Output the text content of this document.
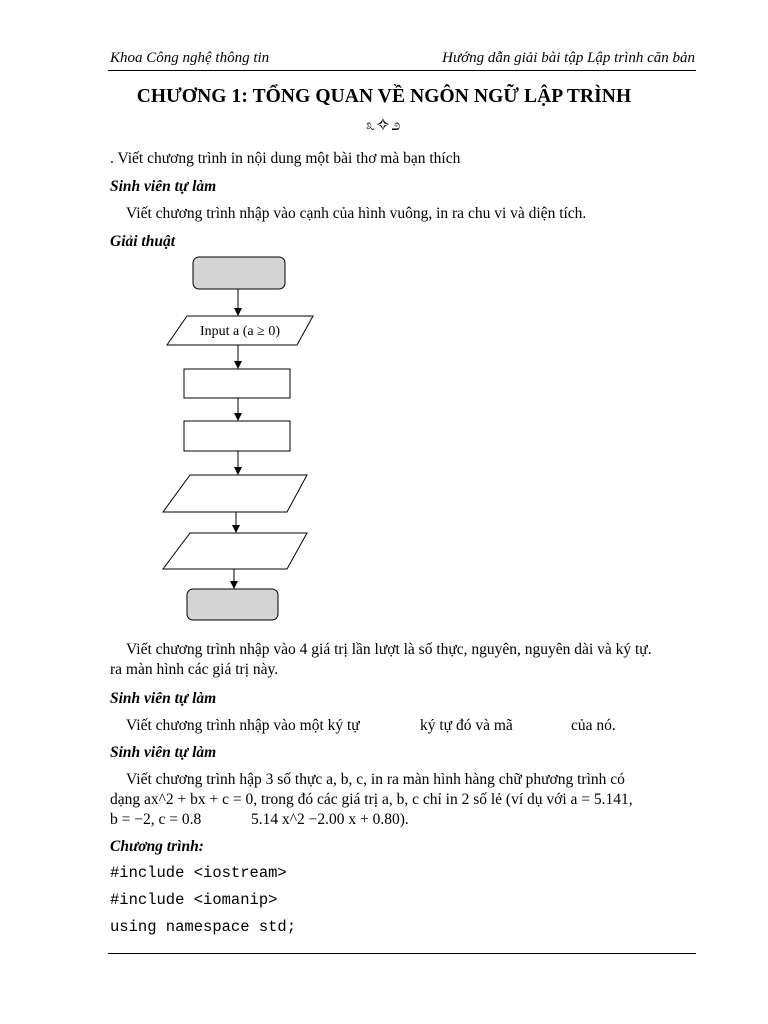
Khoa Công nghệ thông tin	Hướng dẫn giải bài tập Lập trình căn bản
CHƯƠNG 1: TỔNG QUAN VỀ NGÔN NGỮ LẬP TRÌNH
೩✧೨
. Viết chương trình in nội dung một bài thơ mà bạn thích
Sinh viên tự làm
Viết chương trình nhập vào cạnh của hình vuông, in ra chu vi và diện tích.
Giải thuật
Input a (a ≥ 0)
Viết chương trình nhập vào 4 giá trị lần lượt là số thực, nguyên, nguyên dài và ký tự.
ra màn hình các giá trị này.
Sinh viên tự làm
Viết chương trình nhập vào một ký tự	ký tự đó và mã	của nó.
Sinh viên tự làm
Viết chương trình hập 3 số thực a, b, c, in ra màn hình hàng chữ phương trình có
dạng ax^2 + bx + c = 0, trong đó các giá trị a, b, c chỉ in 2 số lẻ (ví dụ với a = 5.141,
b = −2, c = 0.8	5.14 x^2 −2.00 x + 0.80).
Chương trình:
#include <iostream>
#include <iomanip>
using namespace std;
